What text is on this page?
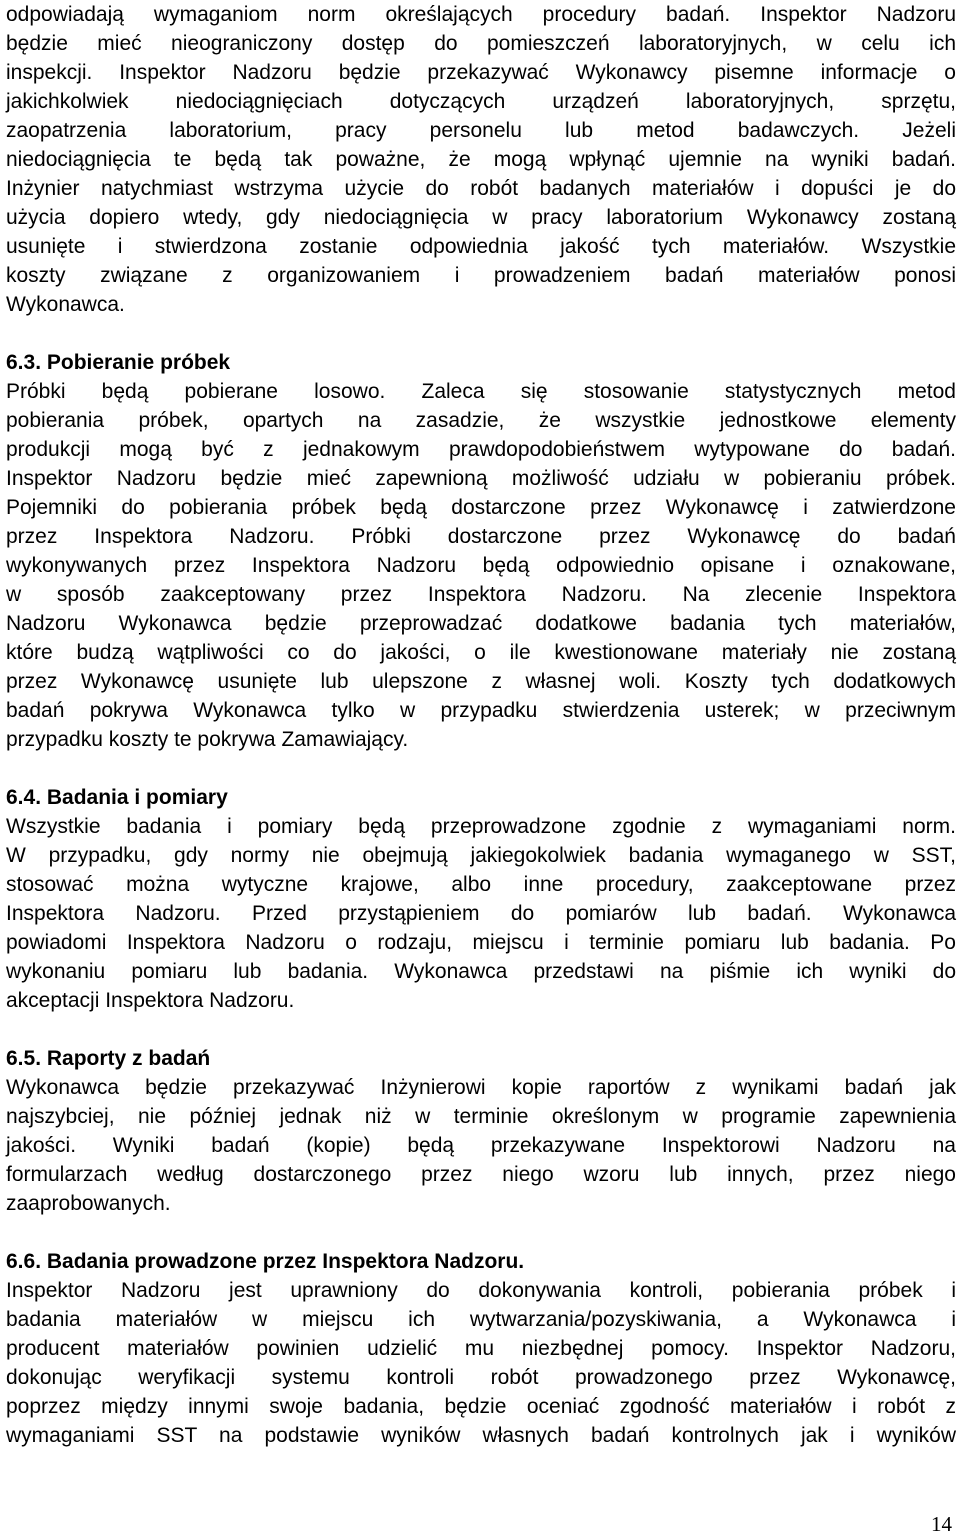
odpowiadają wymaganiom norm określających procedury badań. Inspektor Nadzoru
będzie mieć nieograniczony dostęp do pomieszczeń laboratoryjnych, w celu ich
inspekcji. Inspektor Nadzoru będzie przekazywać Wykonawcy pisemne informacje o
jakichkolwiek niedociągnięciach dotyczących urządzeń laboratoryjnych, sprzętu,
zaopatrzenia laboratorium, pracy personelu lub metod badawczych. Jeżeli
niedociągnięcia te będą tak poważne, że mogą wpłynąć ujemnie na wyniki badań.
Inżynier natychmiast wstrzyma użycie do robót badanych materiałów i dopuści je do
użycia dopiero wtedy, gdy niedociągnięcia w pracy laboratorium Wykonawcy zostaną
usunięte i stwierdzona zostanie odpowiednia jakość tych materiałów. Wszystkie
koszty związane z organizowaniem i prowadzeniem badań materiałów ponosi
Wykonawca.
6.3. Pobieranie próbek
Próbki będą pobierane losowo. Zaleca się stosowanie statystycznych metod
pobierania próbek, opartych na zasadzie, że wszystkie jednostkowe elementy
produkcji mogą być z jednakowym prawdopodobieństwem wytypowane do badań.
Inspektor Nadzoru będzie mieć zapewnioną możliwość udziału w pobieraniu próbek.
Pojemniki do pobierania próbek będą dostarczone przez Wykonawcę i zatwierdzone
przez Inspektora Nadzoru. Próbki dostarczone przez Wykonawcę do badań
wykonywanych przez Inspektora Nadzoru będą odpowiednio opisane i oznakowane,
w sposób zaakceptowany przez Inspektora Nadzoru. Na zlecenie Inspektora
Nadzoru Wykonawca będzie przeprowadzać dodatkowe badania tych materiałów,
które budzą wątpliwości co do jakości, o ile kwestionowane materiały nie zostaną
przez Wykonawcę usunięte lub ulepszone z własnej woli. Koszty tych dodatkowych
badań pokrywa Wykonawca tylko w przypadku stwierdzenia usterek; w przeciwnym
przypadku koszty te pokrywa Zamawiający.
6.4. Badania i pomiary
Wszystkie badania i pomiary będą przeprowadzone zgodnie z wymaganiami norm.
W przypadku, gdy normy nie obejmują jakiegokolwiek badania wymaganego w SST,
stosować można wytyczne krajowe, albo inne procedury, zaakceptowane przez
Inspektora Nadzoru. Przed przystąpieniem do pomiarów lub badań. Wykonawca
powiadomi Inspektora Nadzoru o rodzaju, miejscu i terminie pomiaru lub badania. Po
wykonaniu pomiaru lub badania. Wykonawca przedstawi na piśmie ich wyniki do
akceptacji Inspektora Nadzoru.
6.5. Raporty z badań
Wykonawca będzie przekazywać Inżynierowi kopie raportów z wynikami badań jak
najszybciej, nie później jednak niż w terminie określonym w programie zapewnienia
jakości. Wyniki badań (kopie) będą przekazywane Inspektorowi Nadzoru na
formularzach według dostarczonego przez niego wzoru lub innych, przez niego
zaaprobowanych.
6.6. Badania prowadzone przez Inspektora Nadzoru.
Inspektor Nadzoru jest uprawniony do dokonywania kontroli, pobierania próbek i
badania materiałów w miejscu ich wytwarzania/pozyskiwania, a Wykonawca i
producent materiałów powinien udzielić mu niezbędnej pomocy. Inspektor Nadzoru,
dokonując weryfikacji systemu kontroli robót prowadzonego przez Wykonawcę,
poprzez między innymi swoje badania, będzie oceniać zgodność materiałów i robót z
wymaganiami SST na podstawie wyników własnych badań kontrolnych jak i wyników
14
